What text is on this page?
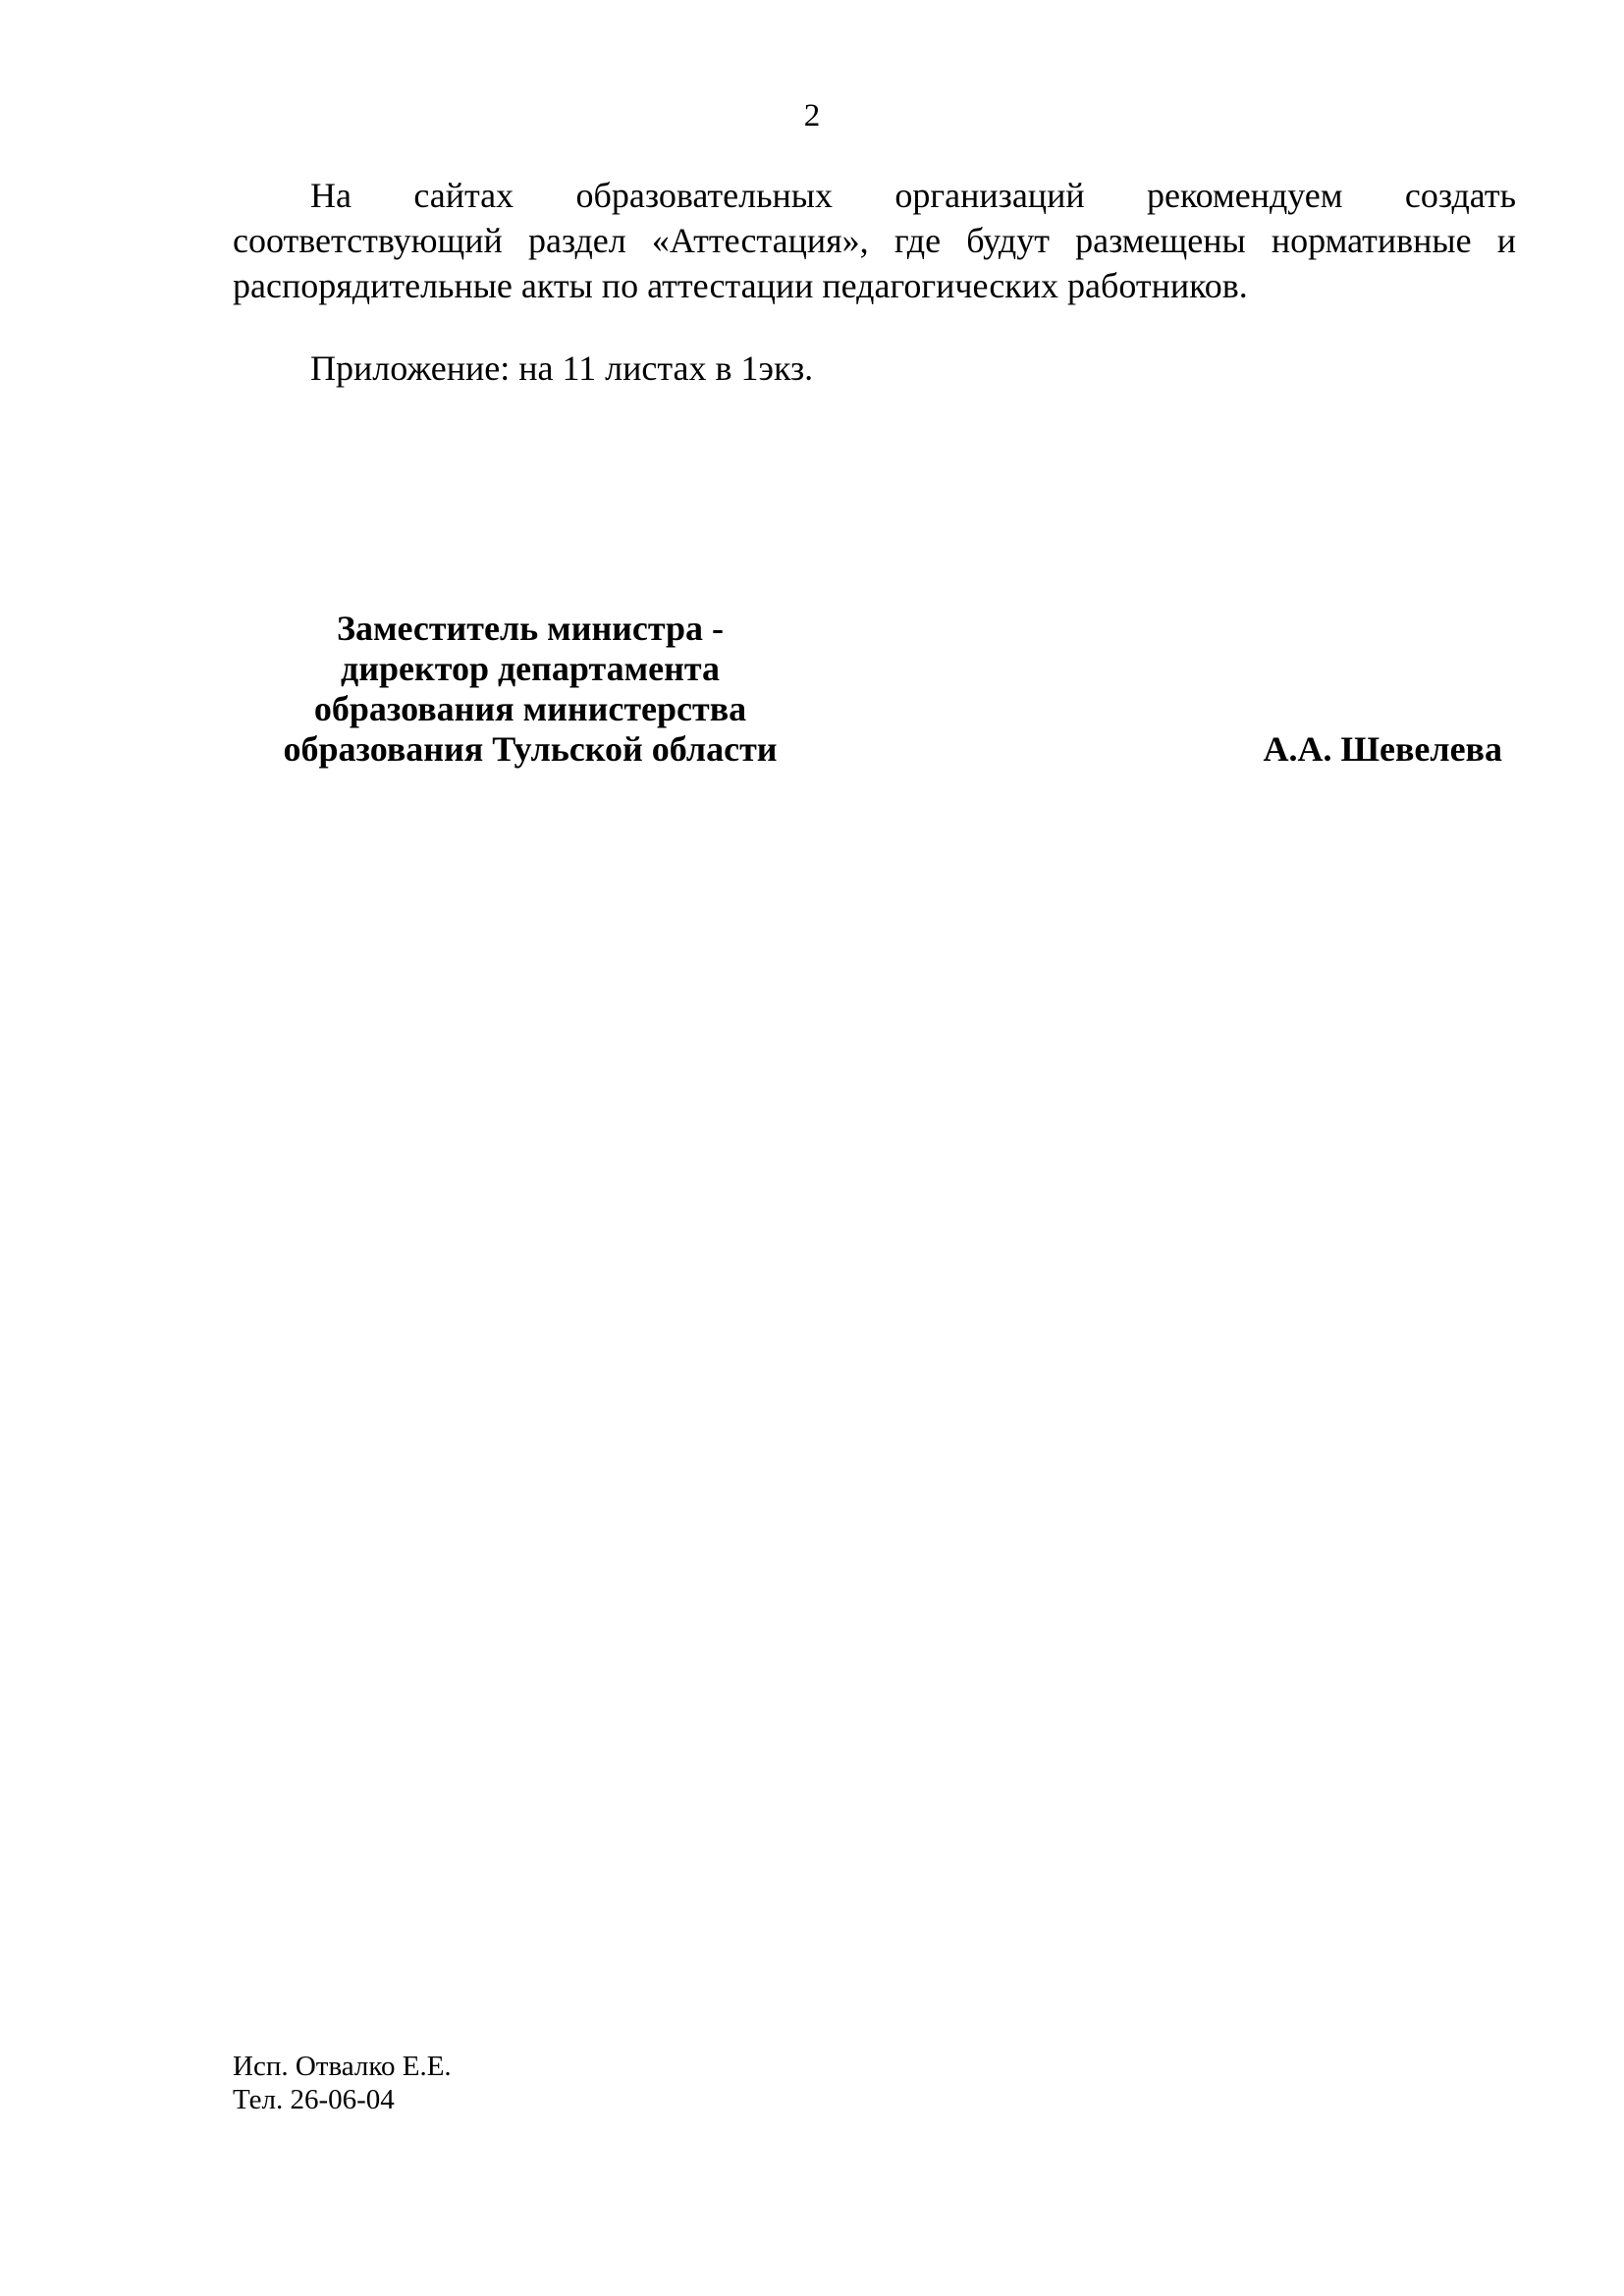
2

На сайтах образовательных организаций рекомендуем создать соответствующий раздел «Аттестация», где будут размещены нормативные и распорядительные акты по аттестации педагогических работников.

Приложение: на 11 листах в 1экз.

Заместитель министра -
директор департамента
образования министерства
образования Тульской области	А.А. Шевелева
Исп. Отвалко Е.Е.
Тел. 26-06-04
